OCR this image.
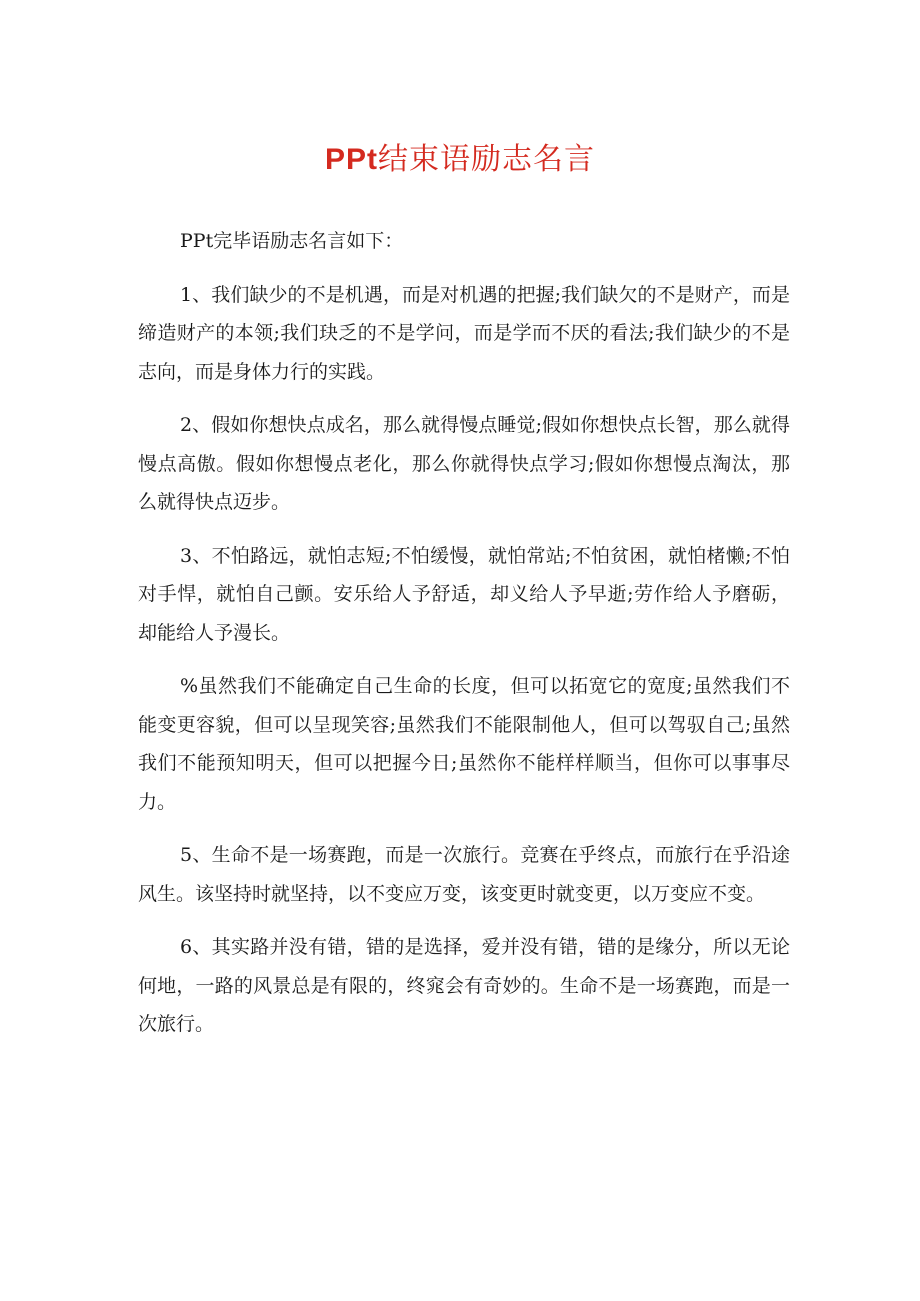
PPt结束语励志名言

PPt完毕语励志名言如下：

1、我们缺少的不是机遇，而是对机遇的把握;我们缺欠的不是财产，而是缔造财产的本领;我们玦乏的不是学问，而是学而不厌的看法;我们缺少的不是志向，而是身体力行的实践。

2、假如你想快点成名，那么就得慢点睡觉;假如你想快点长智，那么就得慢点高傲。假如你想慢点老化，那么你就得快点学习;假如你想慢点淘汰，那么就得快点迈步。

3、不怕路远，就怕志短;不怕缓慢，就怕常站;不怕贫困，就怕楮懒;不怕对手悍，就怕自己颤。安乐给人予舒适，却义给人予早逝;劳作给人予磨砺，却能给人予漫长。

%虽然我们不能确定自己生命的长度，但可以拓宽它的宽度;虽然我们不能变更容貌，但可以呈现笑容;虽然我们不能限制他人，但可以驾驭自己;虽然我们不能预知明天，但可以把握今日;虽然你不能样样顺当，但你可以事事尽力。

5、生命不是一场赛跑，而是一次旅行。竞赛在乎终点，而旅行在乎沿途风生。该坚持时就坚持，以不变应万变，该变更时就变更，以万变应不变。

6、其实路并没有错，错的是选择，爱并没有错，错的是缘分，所以无论何地，一路的风景总是有限的，终窕会有奇妙的。生命不是一场赛跑，而是一次旅行。
